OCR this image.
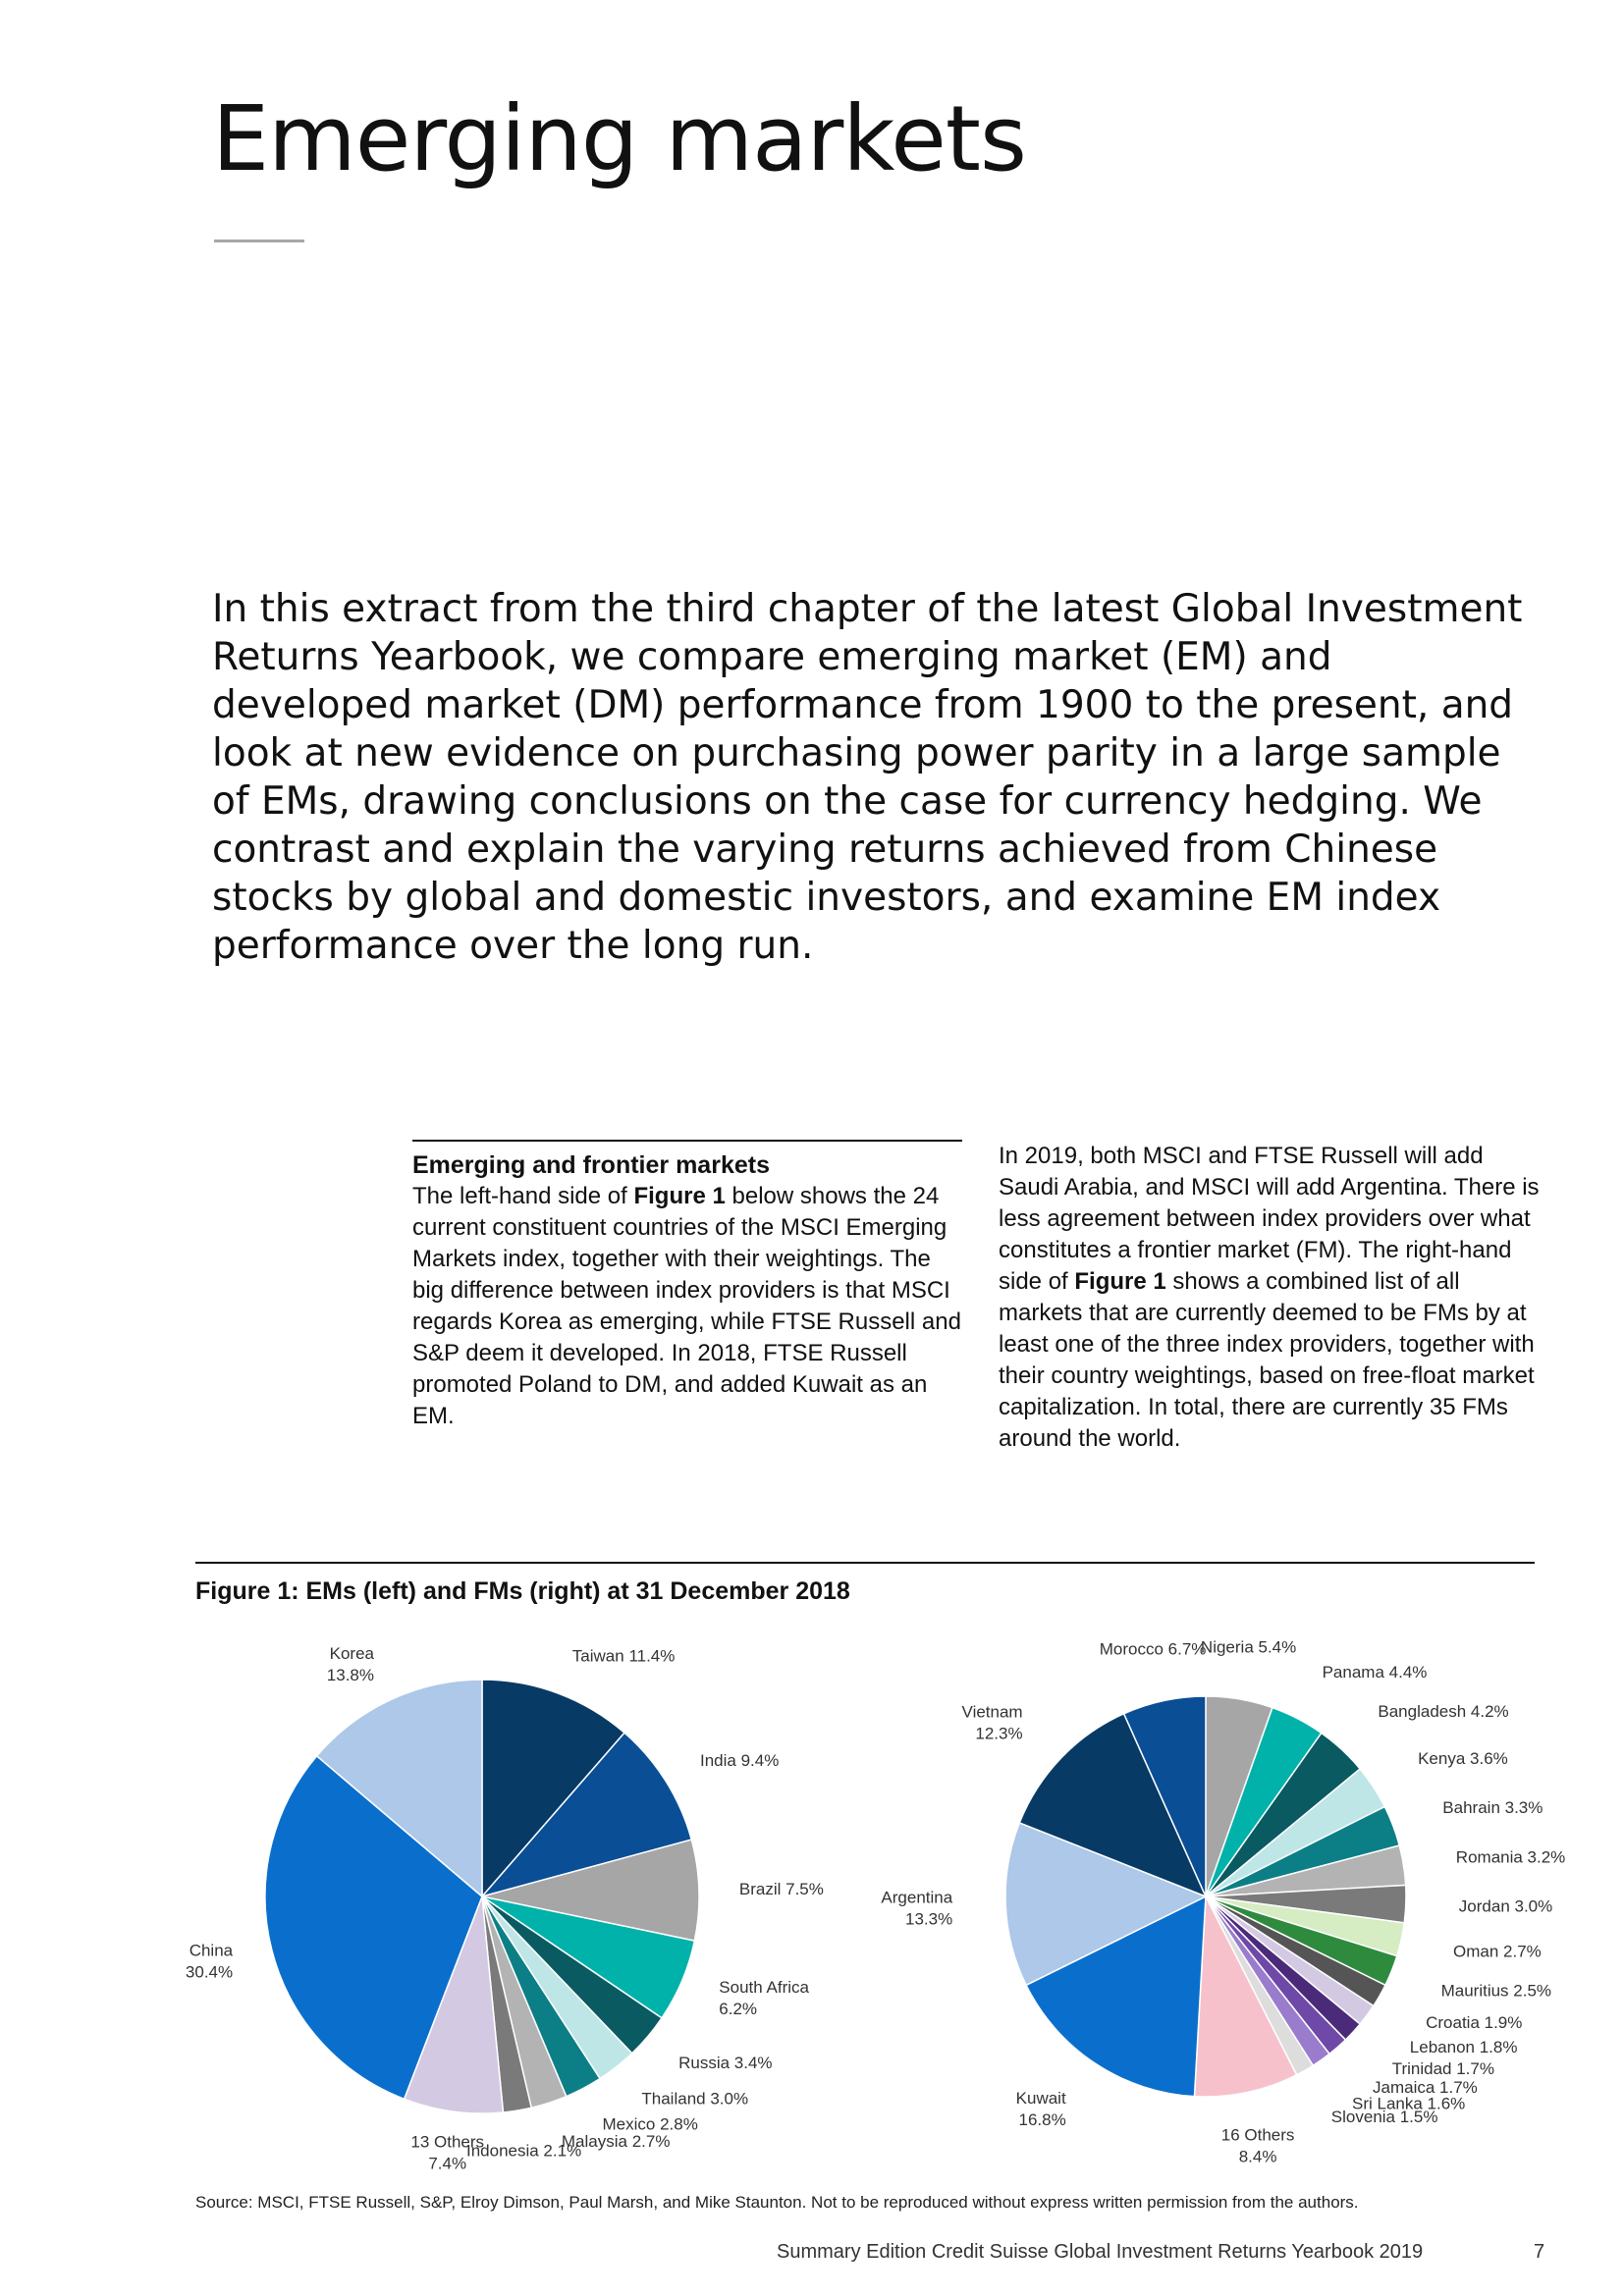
Emerging markets

In this extract from the third chapter of the latest Global Investment Returns Yearbook, we compare emerging market (EM) and developed market (DM) performance from 1900 to the present, and look at new evidence on purchasing power parity in a large sample of EMs, drawing conclusions on the case for currency hedging. We contrast and explain the varying returns achieved from Chinese stocks by global and domestic investors, and examine EM index performance over the long run.

Emerging and frontier markets

The left-hand side of Figure 1 below shows the 24 current constituent countries of the MSCI Emerging Markets index, together with their weightings. The big difference between index providers is that MSCI regards Korea as emerging, while FTSE Russell and S&P deem it developed. In 2018, FTSE Russell promoted Poland to DM, and added Kuwait as an EM.

In 2019, both MSCI and FTSE Russell will add Saudi Arabia, and MSCI will add Argentina. There is less agreement between index providers over what constitutes a frontier market (FM). The right-hand side of Figure 1 shows a combined list of all markets that are currently deemed to be FMs by at least one of the three index providers, together with their country weightings, based on free-float market capitalization. In total, there are currently 35 FMs around the world.

Figure 1: EMs (left) and FMs (right) at 31 December 2018

Taiwan 11.4%
India 9.4%
Brazil 7.5%
South Africa 6.2%
Russia 3.4%
Thailand 3.0%
Mexico 2.8%
Malaysia 2.7%
Indonesia 2.1%
13 Others 7.4%
China 30.4%
Korea 13.8%
Nigeria 5.4%
Panama 4.4%
Bangladesh 4.2%
Kenya 3.6%
Bahrain 3.3%
Romania 3.2%
Jordan 3.0%
Oman 2.7%
Mauritius 2.5%
Croatia 1.9%
Lebanon 1.8%
Trinidad 1.7%
Jamaica 1.7%
Sri Lanka 1.6%
Slovenia 1.5%
16 Others 8.4%
Kuwait 16.8%
Argentina 13.3%
Vietnam 12.3%
Morocco 6.7%

Source: MSCI, FTSE Russell, S&P, Elroy Dimson, Paul Marsh, and Mike Staunton. Not to be reproduced without express written permission from the authors.

Summary Edition Credit Suisse Global Investment Returns Yearbook 2019	7
